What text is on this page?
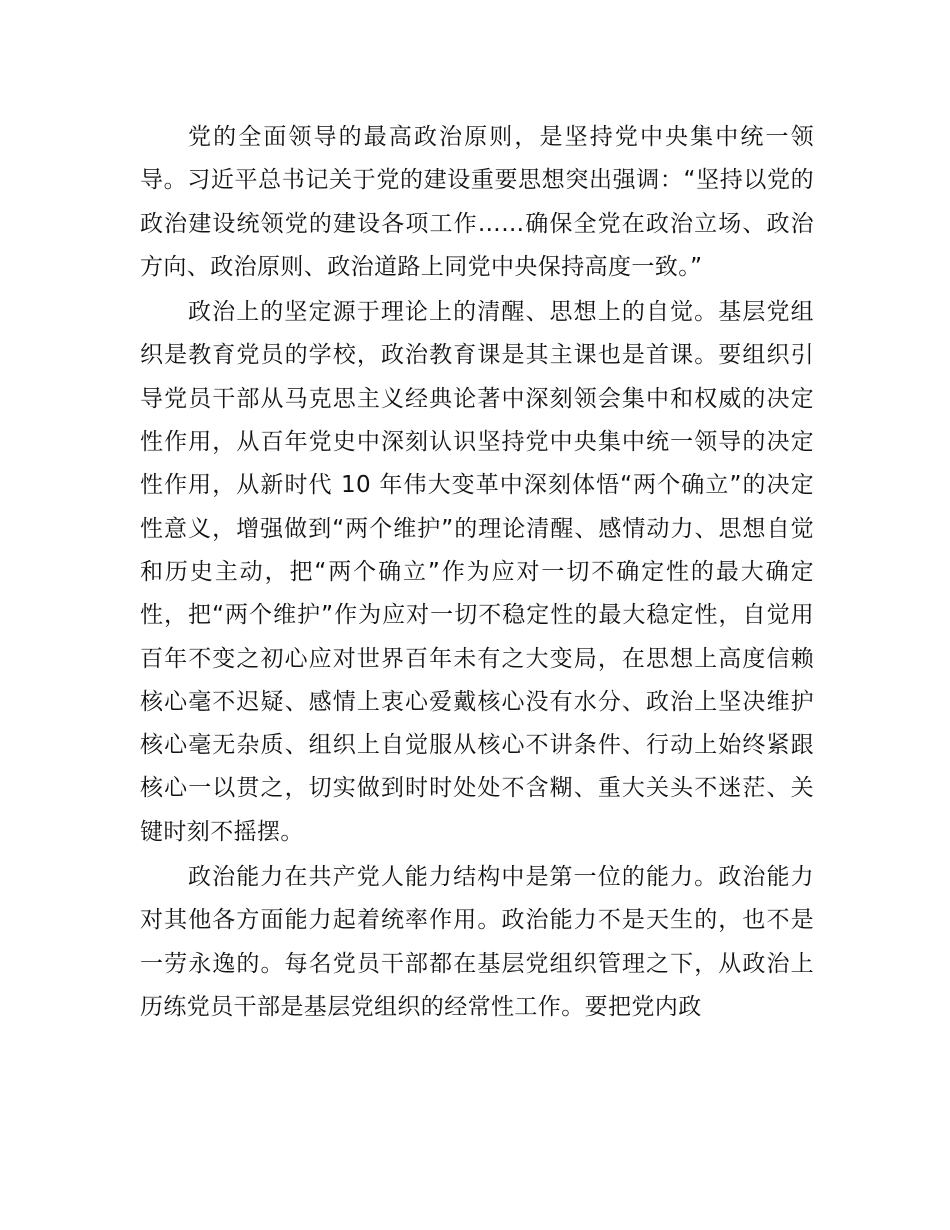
党的全面领导的最高政治原则，是坚持党中央集中统一领导。习近平总书记关于党的建设重要思想突出强调：“坚持以党的政治建设统领党的建设各项工作……确保全党在政治立场、政治方向、政治原则、政治道路上同党中央保持高度一致。”

政治上的坚定源于理论上的清醒、思想上的自觉。基层党组织是教育党员的学校，政治教育课是其主课也是首课。要组织引导党员干部从马克思主义经典论著中深刻领会集中和权威的决定性作用，从百年党史中深刻认识坚持党中央集中统一领导的决定性作用，从新时代 10 年伟大变革中深刻体悟“两个确立”的决定性意义，增强做到“两个维护”的理论清醒、感情动力、思想自觉和历史主动，把“两个确立”作为应对一切不确定性的最大确定性，把“两个维护”作为应对一切不稳定性的最大稳定性，自觉用百年不变之初心应对世界百年未有之大变局，在思想上高度信赖核心毫不迟疑、感情上衷心爱戴核心没有水分、政治上坚决维护核心毫无杂质、组织上自觉服从核心不讲条件、行动上始终紧跟核心一以贯之，切实做到时时处处不含糊、重大关头不迷茫、关键时刻不摇摆。

政治能力在共产党人能力结构中是第一位的能力。政治能力对其他各方面能力起着统率作用。政治能力不是天生的，也不是一劳永逸的。每名党员干部都在基层党组织管理之下，从政治上历练党员干部是基层党组织的经常性工作。要把党内政
